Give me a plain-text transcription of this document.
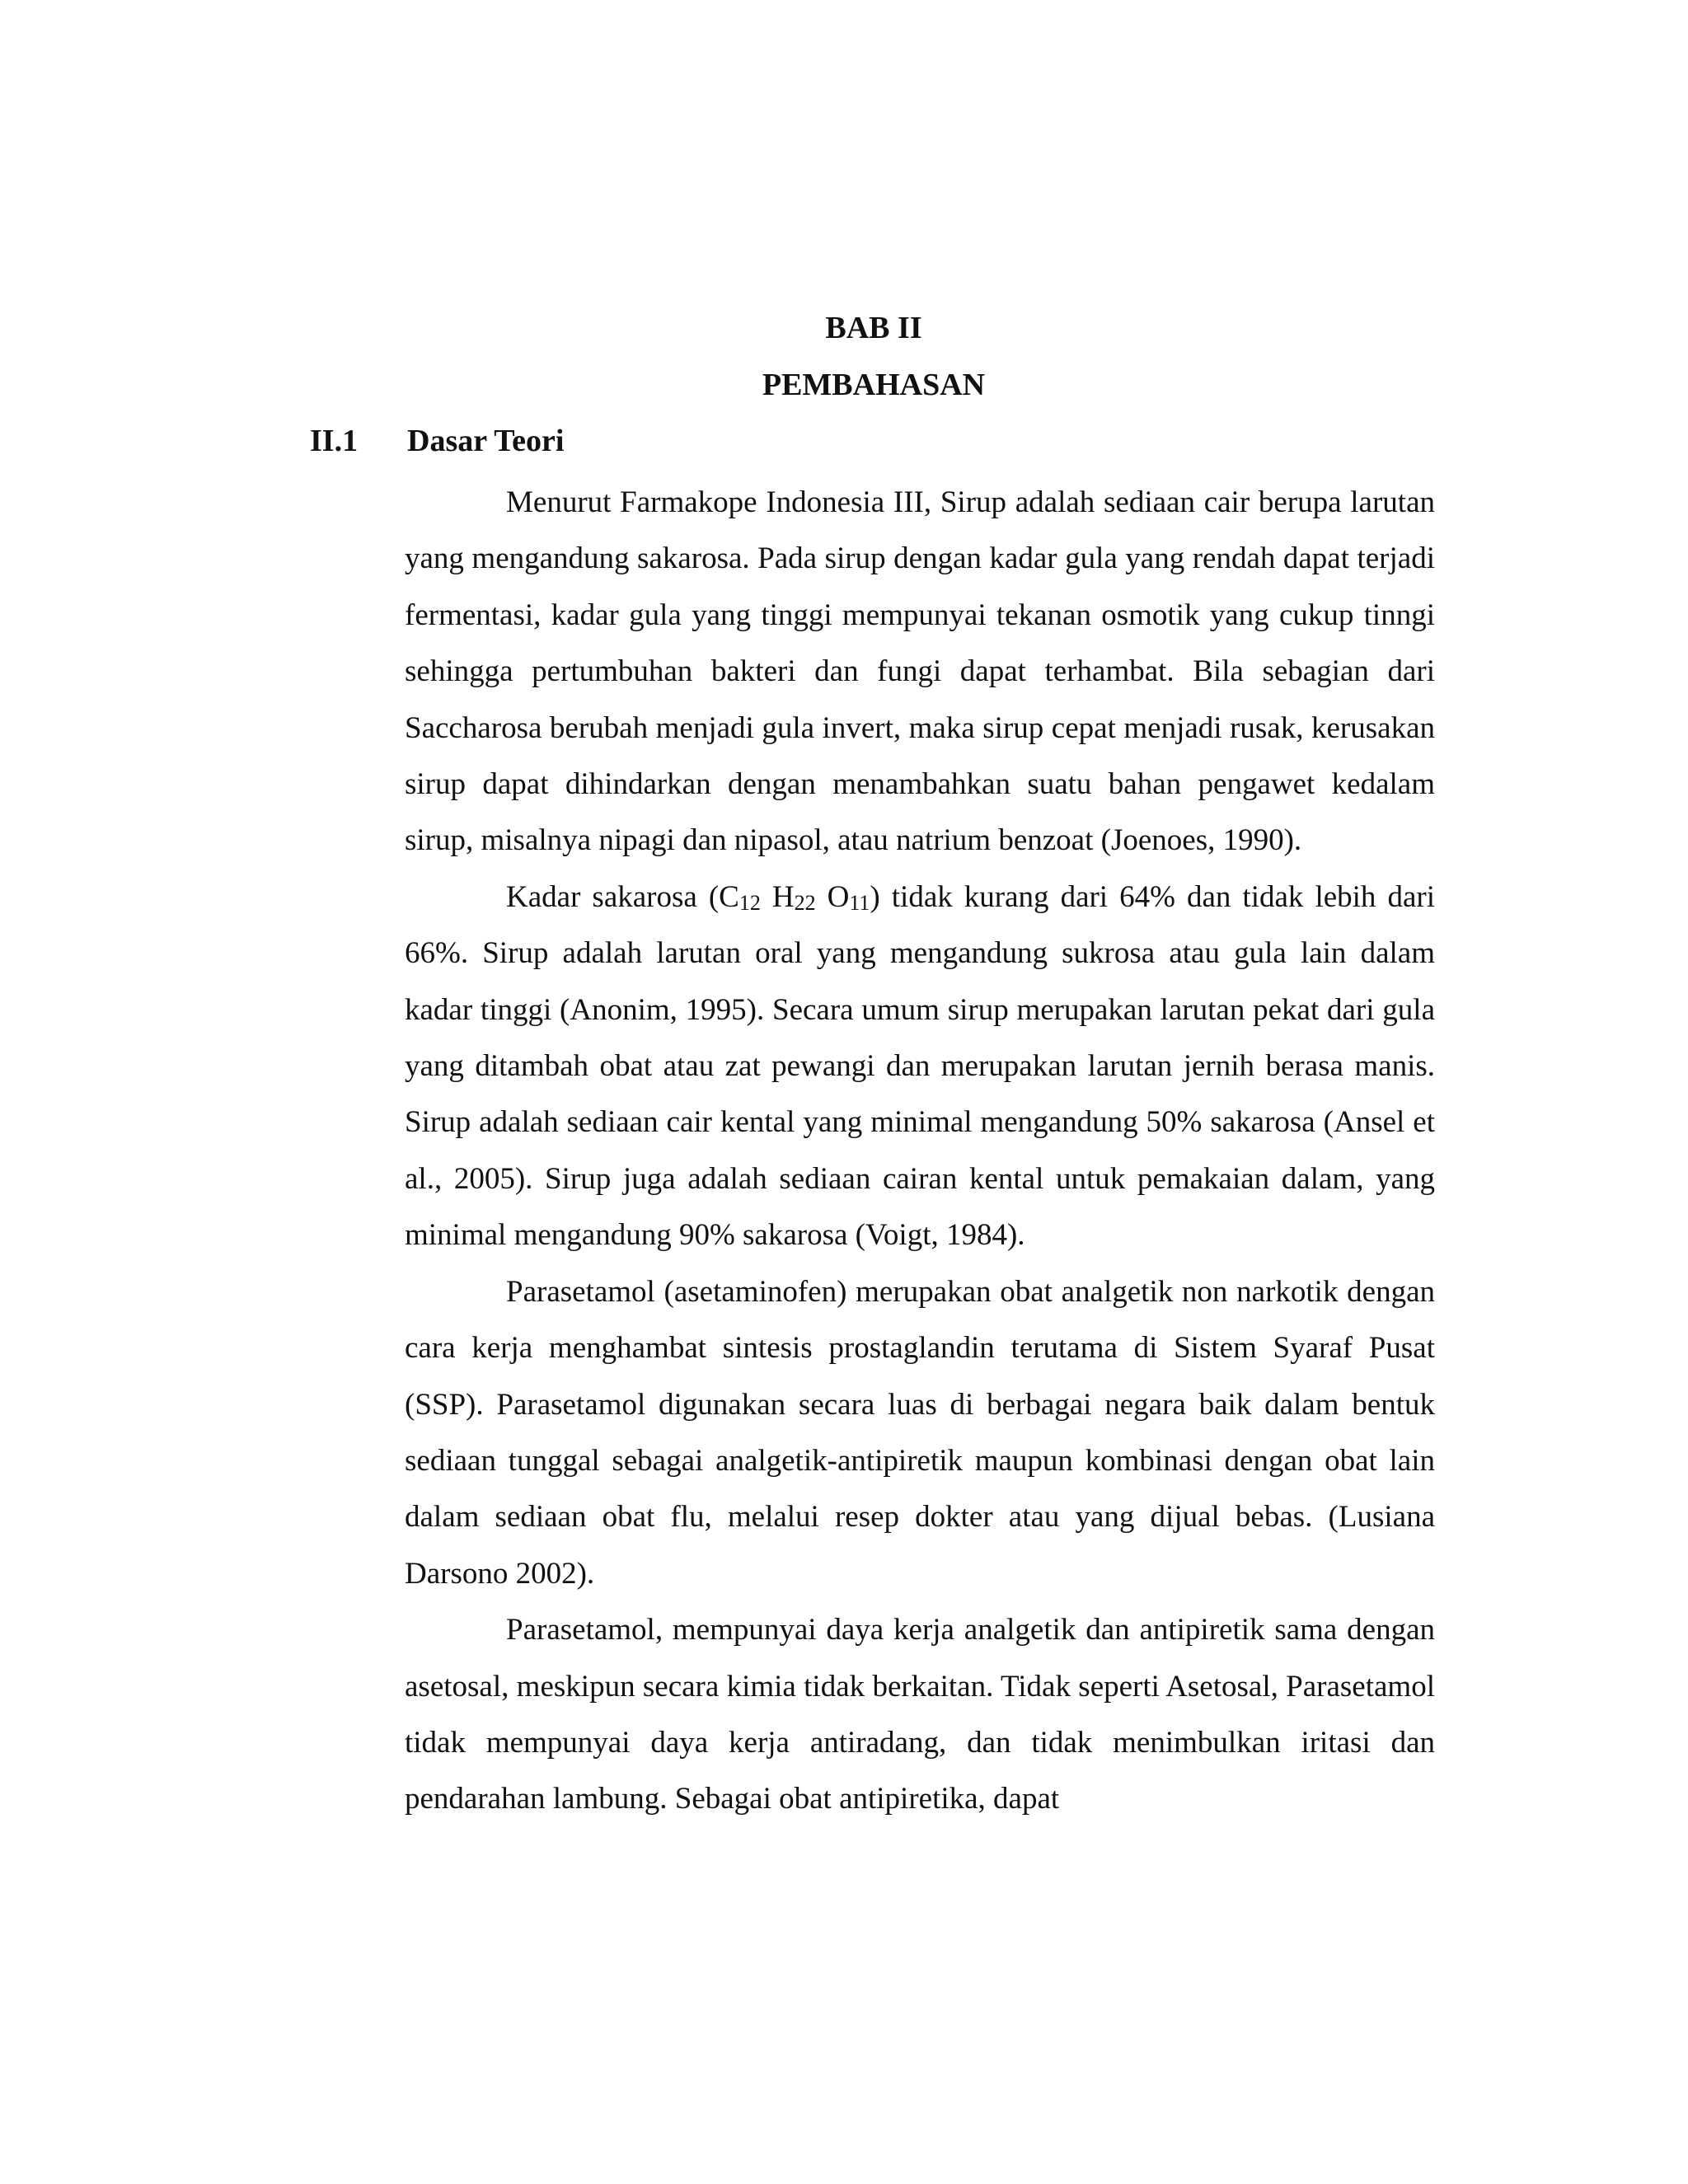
BAB II
PEMBAHASAN
II.1 Dasar Teori

Menurut Farmakope Indonesia III, Sirup adalah sediaan cair berupa larutan yang mengandung sakarosa. Pada sirup dengan kadar gula yang rendah dapat terjadi fermentasi, kadar gula yang tinggi mempunyai tekanan osmotik yang cukup tinngi sehingga pertumbuhan bakteri dan fungi dapat terhambat. Bila sebagian dari Saccharosa berubah menjadi gula invert, maka sirup cepat menjadi rusak, kerusakan sirup dapat dihindarkan dengan menambahkan suatu bahan pengawet kedalam sirup, misalnya nipagi dan nipasol, atau natrium benzoat (Joenoes, 1990).

Kadar sakarosa ($C_{12}$ $H_{22}$ $O_{11}$) tidak kurang dari 64% dan tidak lebih dari 66%. Sirup adalah larutan oral yang mengandung sukrosa atau gula lain dalam kadar tinggi (Anonim, 1995). Secara umum sirup merupakan larutan pekat dari gula yang ditambah obat atau zat pewangi dan merupakan larutan jernih berasa manis. Sirup adalah sediaan cair kental yang minimal mengandung 50% sakarosa (Ansel et al., 2005). Sirup juga adalah sediaan cairan kental untuk pemakaian dalam, yang minimal mengandung 90% sakarosa (Voigt, 1984).

Parasetamol (asetaminofen) merupakan obat analgetik non narkotik dengan cara kerja menghambat sintesis prostaglandin terutama di Sistem Syaraf Pusat (SSP). Parasetamol digunakan secara luas di berbagai negara baik dalam bentuk sediaan tunggal sebagai analgetik-antipiretik maupun kombinasi dengan obat lain dalam sediaan obat flu, melalui resep dokter atau yang dijual bebas. (Lusiana Darsono 2002).

Parasetamol, mempunyai daya kerja analgetik dan antipiretik sama dengan asetosal, meskipun secara kimia tidak berkaitan. Tidak seperti Asetosal, Parasetamol tidak mempunyai daya kerja antiradang, dan tidak menimbulkan iritasi dan pendarahan lambung. Sebagai obat antipiretika, dapat
